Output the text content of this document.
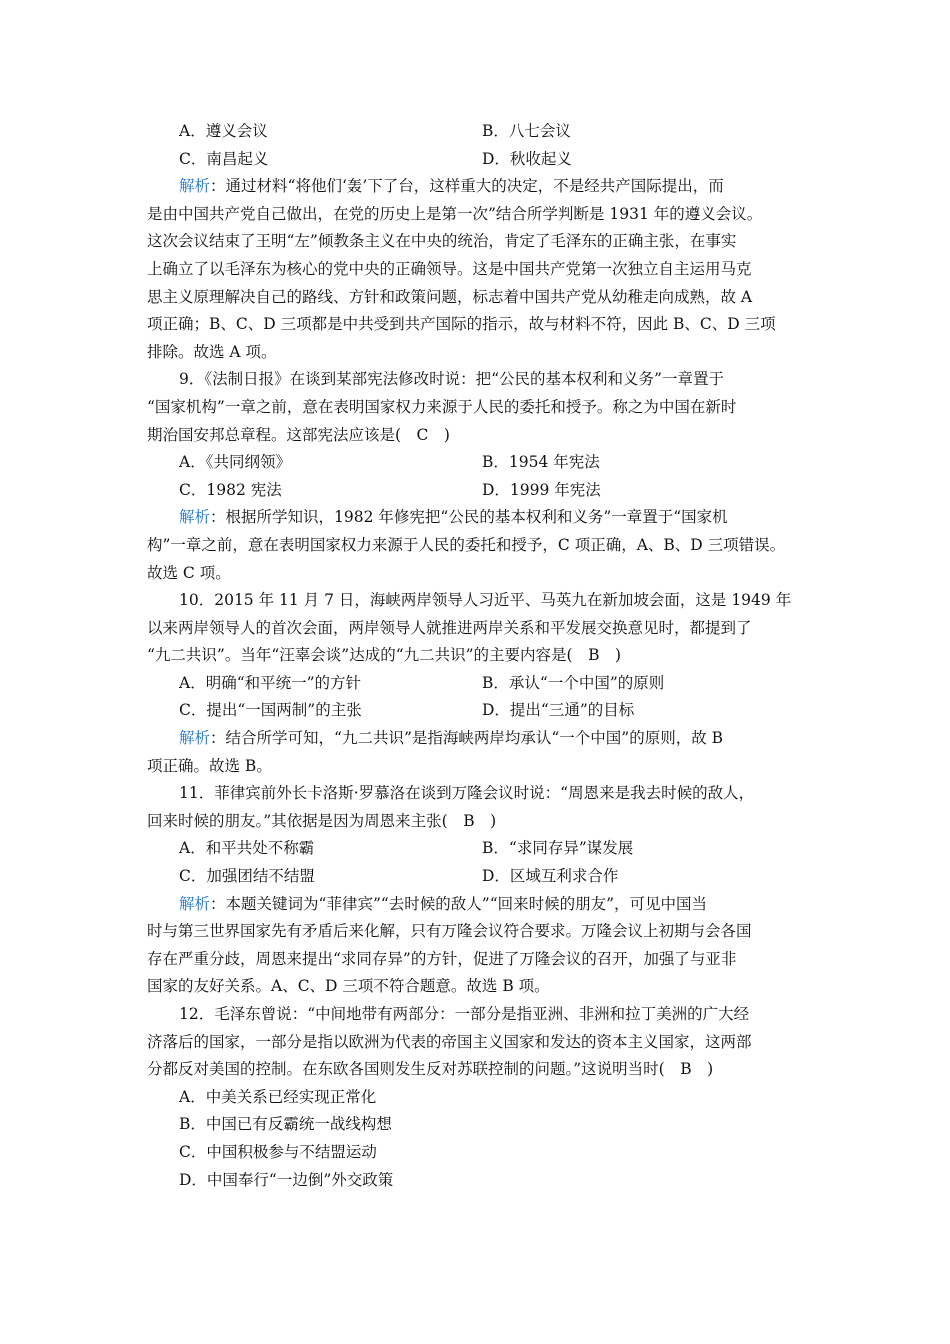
A．遵义会议	B．八七会议
C．南昌起义	D．秋收起义
解析：通过材料“将他们‘轰’下了台，这样重大的决定，不是经共产国际提出，而
是由中国共产党自己做出，在党的历史上是第一次”结合所学判断是 1931 年的遵义会议。
这次会议结束了王明“左”倾教条主义在中央的统治，肯定了毛泽东的正确主张，在事实
上确立了以毛泽东为核心的党中央的正确领导。这是中国共产党第一次独立自主运用马克
思主义原理解决自己的路线、方针和政策问题，标志着中国共产党从幼稚走向成熟，故 A
项正确；B、C、D 三项都是中共受到共产国际的指示，故与材料不符，因此 B、C、D 三项
排除。故选 A 项。
9．《法制日报》在谈到某部宪法修改时说：把“公民的基本权利和义务”一章置于
“国家机构”一章之前，意在表明国家权力来源于人民的委托和授予。称之为中国在新时
期治国安邦总章程。这部宪法应该是(　C　)
A．《共同纲领》	B．1954 年宪法
C．1982 宪法	D．1999 年宪法
解析：根据所学知识，1982 年修宪把“公民的基本权利和义务”一章置于“国家机
构”一章之前，意在表明国家权力来源于人民的委托和授予，C 项正确，A、B、D 三项错误。
故选 C 项。
10．2015 年 11 月 7 日，海峡两岸领导人习近平、马英九在新加坡会面，这是 1949 年
以来两岸领导人的首次会面，两岸领导人就推进两岸关系和平发展交换意见时，都提到了
“九二共识”。当年“汪辜会谈”达成的“九二共识”的主要内容是(　B　)
A．明确“和平统一”的方针	B．承认“一个中国”的原则
C．提出“一国两制”的主张	D．提出“三通”的目标
解析：结合所学可知，“九二共识”是指海峡两岸均承认“一个中国”的原则，故 B
项正确。故选 B。
11．菲律宾前外长卡洛斯·罗慕洛在谈到万隆会议时说：“周恩来是我去时候的敌人，
回来时候的朋友。”其依据是因为周恩来主张(　B　)
A．和平共处不称霸	B．“求同存异”谋发展
C．加强团结不结盟	D．区域互利求合作
解析：本题关键词为“菲律宾”“去时候的敌人”“回来时候的朋友”，可见中国当
时与第三世界国家先有矛盾后来化解，只有万隆会议符合要求。万隆会议上初期与会各国
存在严重分歧，周恩来提出“求同存异”的方针，促进了万隆会议的召开，加强了与亚非
国家的友好关系。A、C、D 三项不符合题意。故选 B 项。
12．毛泽东曾说：“中间地带有两部分：一部分是指亚洲、非洲和拉丁美洲的广大经
济落后的国家，一部分是指以欧洲为代表的帝国主义国家和发达的资本主义国家，这两部
分都反对美国的控制。在东欧各国则发生反对苏联控制的问题。”这说明当时(　B　)
A．中美关系已经实现正常化
B．中国已有反霸统一战线构想
C．中国积极参与不结盟运动
D．中国奉行“一边倒”外交政策
